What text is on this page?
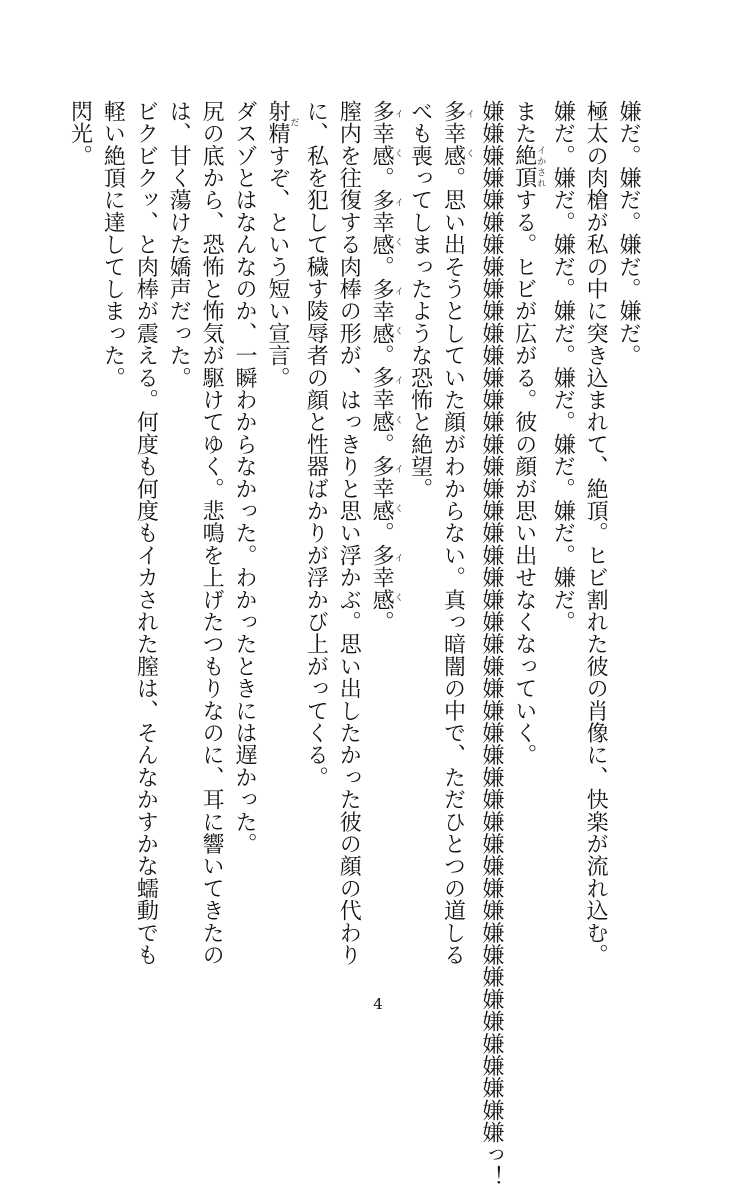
嫌だ。嫌だ。嫌だ。嫌だ。
極太の肉槍が私の中に突き込まれて、絶頂。ヒビ割れた彼の肖像に、快楽が流れ込む。
嫌だ。嫌だ。嫌だ。嫌だ。嫌だ。嫌だ。嫌だ。嫌だ。
また絶頂イかされする。ヒビが広がる。彼の顔が思い出せなくなっていく。
嫌嫌嫌嫌嫌嫌嫌嫌嫌嫌嫌嫌嫌嫌嫌嫌嫌嫌嫌嫌嫌嫌嫌嫌嫌嫌嫌嫌嫌嫌嫌嫌嫌嫌嫌嫌嫌嫌嫌嫌嫌嫌嫌嫌嫌嫌嫌っ！
多幸感イく。思い出そうとしていた顔がわからない。真っ暗闇の中で、ただひとつの道しる
べも喪ってしまったような恐怖と絶望。
多幸感イく。多幸感イく。多幸感イく。多幸感イく。多幸感イく。多幸感イく。
膣内を往復する肉棒の形が、はっきりと思い浮かぶ。思い出したかった彼の顔の代わり
に、私を犯して穢す陵辱者の顔と性器ばかりが浮かび上がってくる。
射精だすぞ、という短い宣言。
ダスゾとはなんなのか、一瞬わからなかった。わかったときには遅かった。
尻の底から、恐怖と怖気が駆けてゆく。悲鳴を上げたつもりなのに、耳に響いてきたの
は、甘く蕩けた嬌声だった。
ビクビクッ、と肉棒が震える。何度も何度もイカされた膣は、そんなかすかな蠕動でも
軽い絶頂に達してしまった。
閃光。
4
